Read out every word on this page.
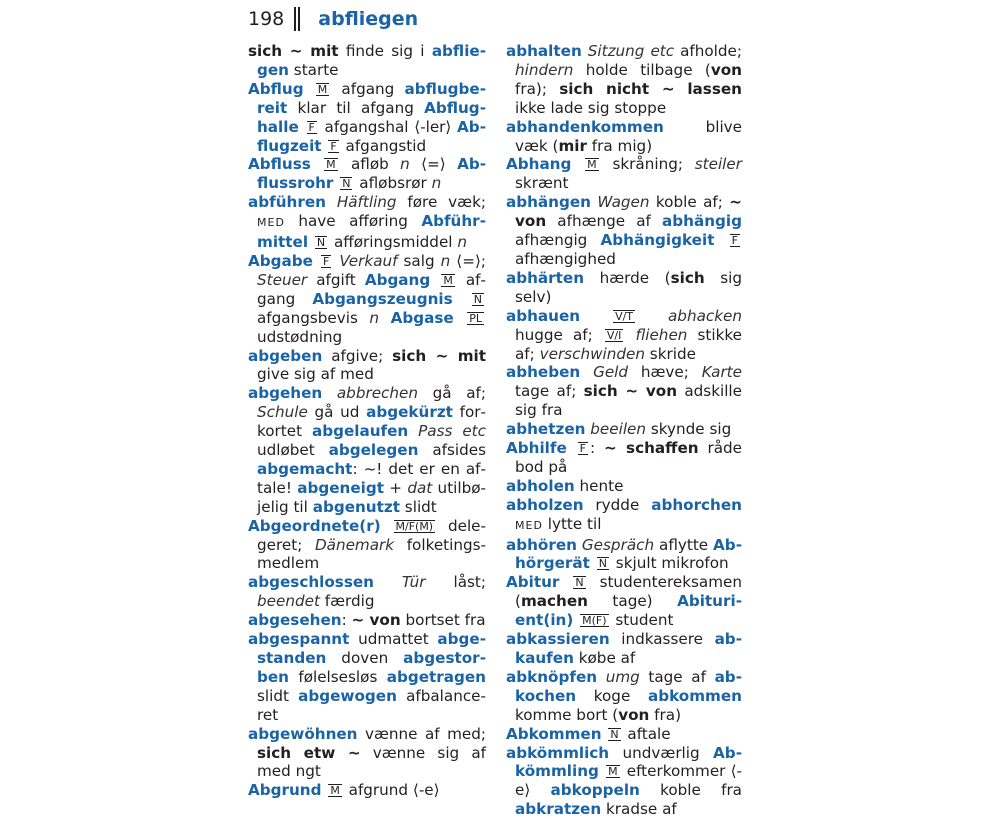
198 abfliegen

sich ~ mit finde sig i abfliegen starte

Abflug M afgang abflugbereit klar til afgang Abflughalle F afgangshal ⟨-ler⟩ Abflugzeit F afgangstid

Abfluss M afløb n ⟨=⟩ Abflussrohr N afløbsrør n

abführen Häftling føre væk; MED have afføring Abführmittel N afføringsmiddel n

Abgabe F Verkauf salg n ⟨=⟩; Steuer afgift Abgang M afgang Abgangszeugnis N afgangsbevis n Abgase PL udstødning

abgeben afgive; sich ~ mit give sig af med

abgehen abbrechen gå af; Schule gå ud abgekürzt forkortet abgelaufen Pass etc udløbet abgelegen afsides abgemacht: ~! det er en aftale! abgeneigt + dat utilbøjelig til abgenutzt slidt

Abgeordnete(r) M/F(M) delegeret; Dänemark folketingsmedlem

abgeschlossen Tür låst; beendet færdig

abgesehen: ~ von bortset fra

abgespannt udmattet abgestanden doven abgestorben følelsesløs abgetragen slidt abgewogen afbalanceret

abgewöhnen vænne af med; sich etw ~ vænne sig af med ngt

Abgrund M afgrund ⟨-e⟩

abhalten Sitzung etc afholde; hindern holde tilbage (von fra); sich nicht ~ lassen ikke lade sig stoppe

abhandenkommen blive væk (mir fra mig)

Abhang M skråning; steiler skrænt

abhängen Wagen koble af; ~ von afhænge af abhängig afhængig Abhängigkeit F afhængighed

abhärten hærde (sich sig selv)

abhauen	V/T abhacken hugge af; V/I fliehen stikke af; verschwinden skride

abheben Geld hæve; Karte tage af; sich ~ von adskille sig fra

abhetzen beeilen skynde sig

Abhilfe F : ~ schaffen råde bod på

abholen hente

abholzen rydde abhorchen MED lytte til

abhören Gespräch aflytte Abhörgerät N skjult mikrofon

Abitur N studentereksamen (machen tage) Abiturient(in) M(F) student

abkassieren indkassere abkaufen købe af

abknöpfen umg tage af abkochen koge abkommen komme bort (von fra)

Abkommen N aftale

abkömmlich undværlig Abkömmling M efterkommer ⟨-e⟩ abkoppeln koble fra abkratzen kradse af
